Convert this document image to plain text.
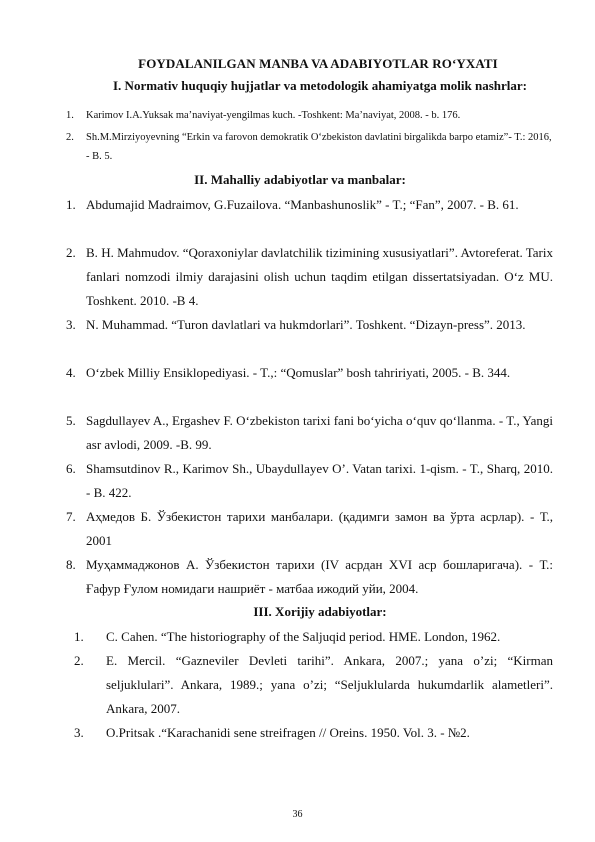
FOYDALANILGAN MANBA VA ADABIYOTLAR RO‘YXATI
I. Normativ huquqiy hujjatlar va metodologik ahamiyatga molik nashrlar:
1. Karimov I.A.Yuksak ma’naviyat-yengilmas kuch. -Toshkent: Ma’naviyat, 2008. - b. 176.
2. Sh.M.Mirziyoyevning “Erkin va farovon demokratik O‘zbekiston davlatini birgalikda barpo etamiz”- T.: 2016, - B. 5.
II. Mahalliy adabiyotlar va manbalar:
1. Abdumajid Madraimov, G.Fuzailova. “Manbashunoslik” - T.; “Fan”, 2007. - B. 61.
2. B. H. Mahmudov. “Qoraxoniylar davlatchilik tizimining xususiyatlari”. Avtoreferat. Tarix fanlari nomzodi ilmiy darajasini olish uchun taqdim etilgan dissertatsiyadan. O‘z MU. Toshkent. 2010. -B 4.
3. N. Muhammad. “Turon davlatlari va hukmdorlari”. Toshkent. “Dizayn-press”. 2013.
4. O‘zbek Milliy Ensiklopediyasi. - T.,: “Qomuslar” bosh tahririyati, 2005. - B. 344.
5. Sagdullayev A., Ergashev F. O‘zbekiston tarixi fani bo‘yicha o‘quv qo‘llanma. - T., Yangi asr avlodi, 2009. -B. 99.
6. Shamsutdinov R., Karimov Sh., Ubaydullayev O’. Vatan tarixi. 1-qism. - T., Sharq, 2010. - B. 422.
7. Аҳмедов Б. Ўзбекистон тарихи манбалари. (қадимги замон ва ўрта асрлар). - Т., 2001
8. Муҳаммаджонов А. Ўзбекистон тарихи (IV асрдан XVI аср бошларигача). - Т.: Ғафур Ғулом номидаги нашриёт - матбаа ижодий уйи, 2004.
III. Xorijiy adabiyotlar:
1. C. Cahen. “The historiography of the Saljuqid period. HME. London, 1962.
2. E. Mercil. “Gazneviler Devleti tarihi”. Ankara, 2007.; yana o’zi; “Kirman seljuklulari”. Ankara, 1989.; yana o’zi; “Seljuklularda hukumdarlik alametleri”. Ankara, 2007.
3. O.Pritsak .“Karachanidi sene streifragen // Oreins. 1950. Vol. 3. - №2.
36
